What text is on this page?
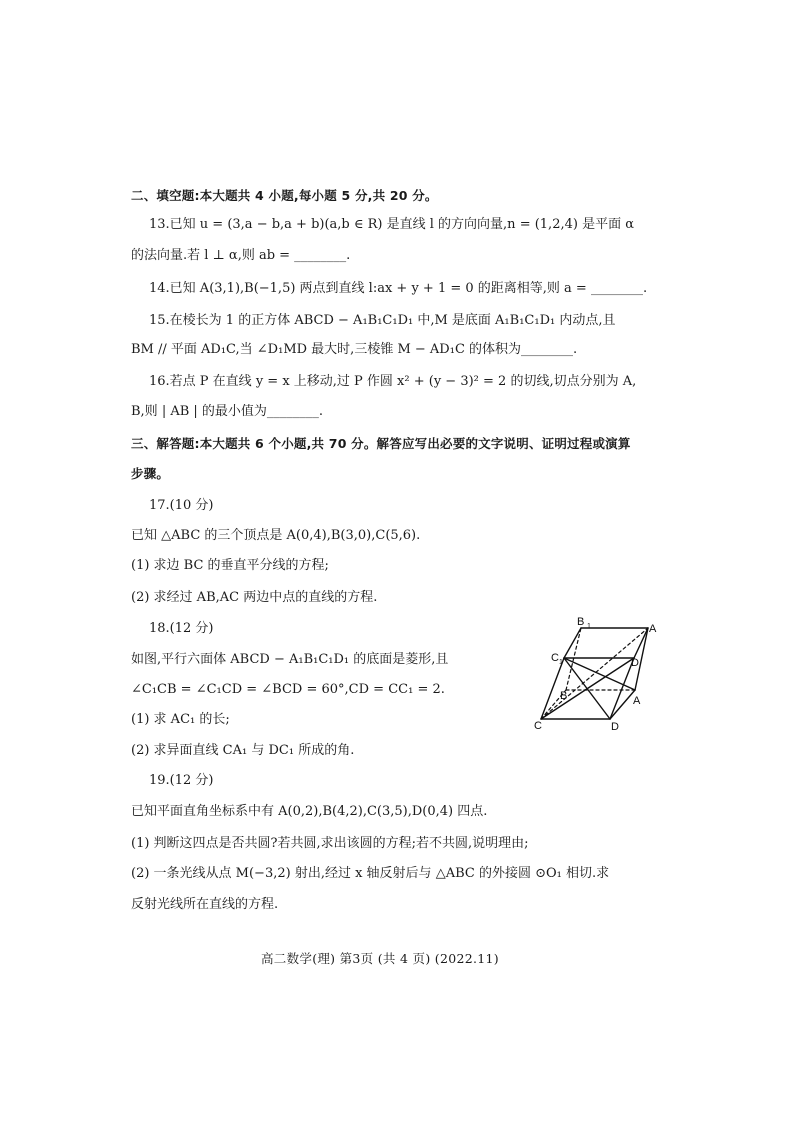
二、填空题:本大题共 4 小题,每小题 5 分,共 20 分。
13.已知 u = (3,a − b,a + b)(a,b ∈ R) 是直线 l 的方向向量,n = (1,2,4) 是平面 α
的法向量.若 l ⊥ α,则 ab = ________.
14.已知 A(3,1),B(−1,5) 两点到直线 l:ax + y + 1 = 0 的距离相等,则 a = ________.
15.在棱长为 1 的正方体 ABCD − A₁B₁C₁D₁ 中,M 是底面 A₁B₁C₁D₁ 内动点,且
BM // 平面 AD₁C,当 ∠D₁MD 最大时,三棱锥 M − AD₁C 的体积为________.
16.若点 P 在直线 y = x 上移动,过 P 作圆 x² + (y − 3)² = 2 的切线,切点分别为 A,
B,则 | AB | 的最小值为________.
三、解答题:本大题共 6 个小题,共 70 分。解答应写出必要的文字说明、证明过程或演算
步骤。
17.(10 分)
已知 △ABC 的三个顶点是 A(0,4),B(3,0),C(5,6).
(1) 求边 BC 的垂直平分线的方程;
(2) 求经过 AB,AC 两边中点的直线的方程.
18.(12 分)
如图,平行六面体 ABCD − A₁B₁C₁D₁ 的底面是菱形,且
∠C₁CB = ∠C₁CD = ∠BCD = 60°,CD = CC₁ = 2.
(1) 求 AC₁ 的长;
(2) 求异面直线 CA₁ 与 DC₁ 所成的角.
B 1	A
C 1	D
B	A
C	D
19.(12 分)
已知平面直角坐标系中有 A(0,2),B(4,2),C(3,5),D(0,4) 四点.
(1) 判断这四点是否共圆?若共圆,求出该圆的方程;若不共圆,说明理由;
(2) 一条光线从点 M(−3,2) 射出,经过 x 轴反射后与 △ABC 的外接圆 ⊙O₁ 相切.求
反射光线所在直线的方程.
高二数学(理) 第3页 (共 4 页) (2022.11)
